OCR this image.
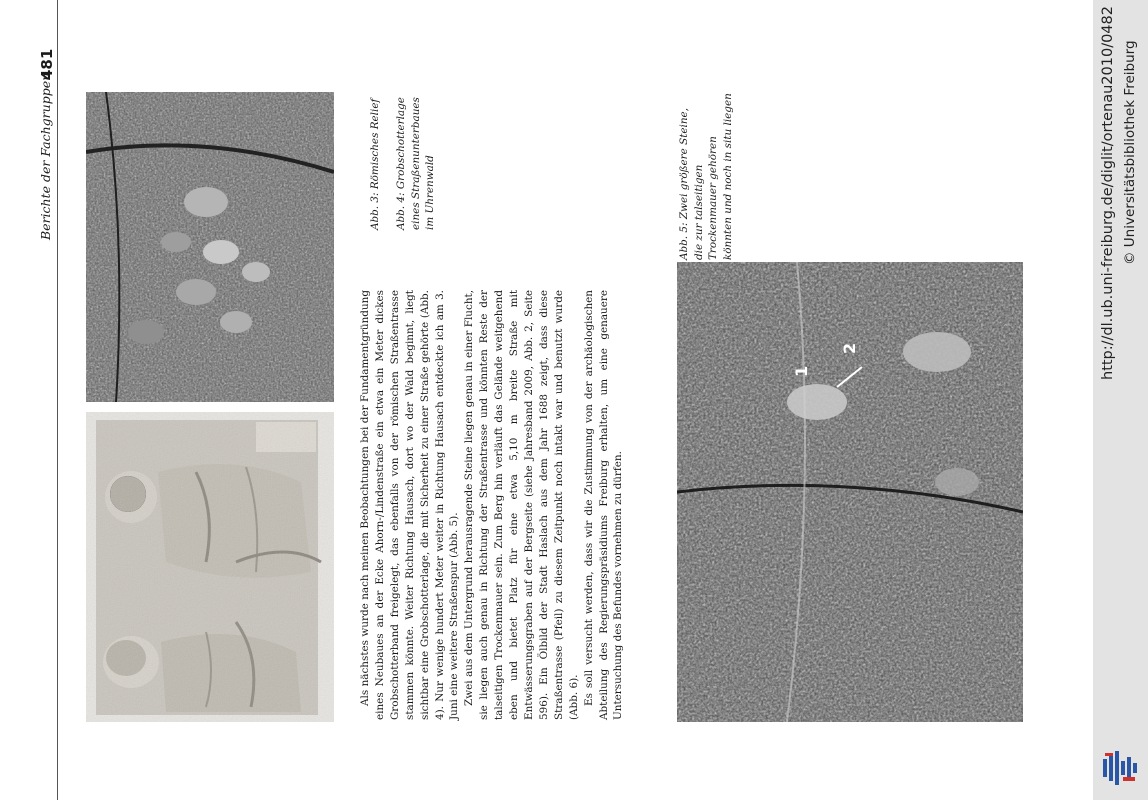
Berichte der Fachgruppen
481

Als nächstes wurde nach meinen Beobachtungen bei der Fundamentgründung eines Neubaues an der Ecke Ahorn-/Lindenstraße ein etwa ein Meter dickes Grobschotterband freigelegt, das ebenfalls von der römischen Straßentrasse stammen könnte. Weiter Richtung Hausach, dort wo der Wald beginnt, liegt sichtbar eine Grobschotterlage, die mit Sicherheit zu einer Straße gehörte (Abb. 4). Nur wenige hundert Meter weiter in Richtung Hausach entdeckte ich am 3. Juni eine weitere Straßenspur (Abb. 5). Zwei aus dem Untergrund herausragende Steine liegen genau in einer Flucht, sie liegen auch genau in Richtung der Straßentrasse und könnten Reste der talseitigen Trockenmauer sein. Zum Berg hin verläuft das Gelände weitgehend eben und bietet Platz für eine etwa 5,10 m breite Straße mit Entwässerungsgraben auf der Bergseite (siehe Jahresband 2009, Abb. 2, Seite 596). Ein Ölbild der Stadt Haslach aus dem Jahr 1688 zeigt, dass diese Straßentrasse (Pfeil) zu diesem Zeitpunkt noch intakt war und benutzt wurde (Abb. 6). Es soll versucht werden, dass wir die Zustimmung von der archäologischen Abteilung des Regierungspräsidiums Freiburg erhalten, um eine genauere Untersuchung des Befundes vornehmen zu dürfen.

Abb. 3: Römisches Relief Abb. 4: Grobschotterlage eines Straßenunterbaues im Uhrenwald	Abb. 5: Zwei größere Steine, die zur talseitigen Trockenmauer gehören könnten und noch in situ liegen
1
2	http://dl.ub.uni-freiburg.de/diglit/ortenau2010/0482 © Universitätsbibliothek Freiburg
